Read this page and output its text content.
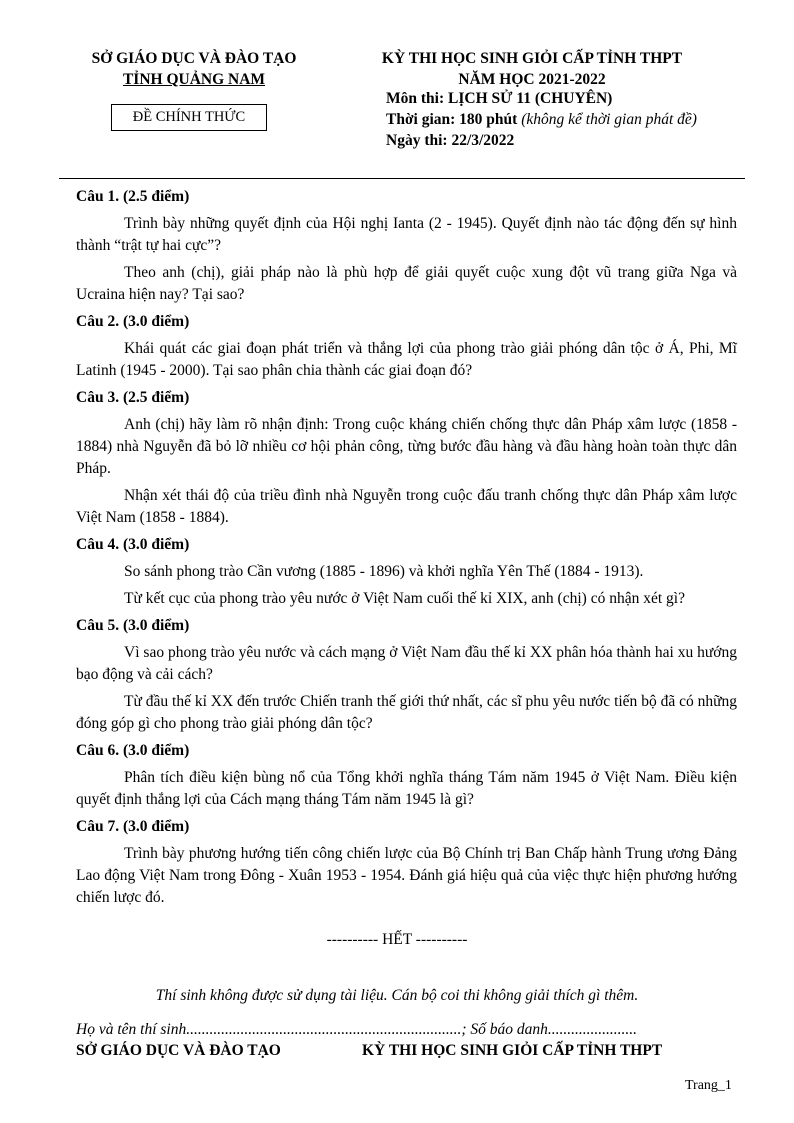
SỞ GIÁO DỤC VÀ ĐÀO TẠO
TỈNH QUẢNG NAM
ĐỀ CHÍNH THỨC
KỲ THI HỌC SINH GIỎI CẤP TỈNH THPT
NĂM HỌC 2021-2022
Môn thi: LỊCH SỬ 11 (CHUYÊN)
Thời gian: 180 phút (không kể thời gian phát đề)
Ngày thi: 22/3/2022
Câu 1. (2.5 điểm)

Trình bày những quyết định của Hội nghị Ianta (2 - 1945). Quyết định nào tác động đến sự hình thành “trật tự hai cực”?

Theo anh (chị), giải pháp nào là phù hợp để giải quyết cuộc xung đột vũ trang giữa Nga và Ucraina hiện nay? Tại sao?

Câu 2. (3.0 điểm)

Khái quát các giai đoạn phát triển và thắng lợi của phong trào giải phóng dân tộc ở Á, Phi, Mĩ Latinh (1945 - 2000). Tại sao phân chia thành các giai đoạn đó?

Câu 3. (2.5 điểm)

Anh (chị) hãy làm rõ nhận định: Trong cuộc kháng chiến chống thực dân Pháp xâm lược (1858 - 1884) nhà Nguyễn đã bỏ lỡ nhiều cơ hội phản công, từng bước đầu hàng và đầu hàng hoàn toàn thực dân Pháp.

Nhận xét thái độ của triều đình nhà Nguyễn trong cuộc đấu tranh chống thực dân Pháp xâm lược Việt Nam (1858 - 1884).

Câu 4. (3.0 điểm)

So sánh phong trào Cần vương (1885 - 1896) và khởi nghĩa Yên Thế (1884 - 1913).

Từ kết cục của phong trào yêu nước ở Việt Nam cuối thế kỉ XIX, anh (chị) có nhận xét gì?

Câu 5. (3.0 điểm)

Vì sao phong trào yêu nước và cách mạng ở Việt Nam đầu thế kỉ XX phân hóa thành hai xu hướng bạo động và cải cách?

Từ đầu thế kỉ XX đến trước Chiến tranh thế giới thứ nhất, các sĩ phu yêu nước tiến bộ đã có những đóng góp gì cho phong trào giải phóng dân tộc?

Câu 6. (3.0 điểm)

Phân tích điều kiện bùng nổ của Tổng khởi nghĩa tháng Tám năm 1945 ở Việt Nam. Điều kiện quyết định thắng lợi của Cách mạng tháng Tám năm 1945 là gì?

Câu 7. (3.0 điểm)

Trình bày phương hướng tiến công chiến lược của Bộ Chính trị Ban Chấp hành Trung ương Đảng Lao động Việt Nam trong Đông - Xuân 1953 - 1954. Đánh giá hiệu quả của việc thực hiện phương hướng chiến lược đó.

---------- HẾT ----------
Thí sinh không được sử dụng tài liệu. Cán bộ coi thi không giải thích gì thêm.
Họ và tên thí sinh.......................................................................; Số báo danh.......................
SỞ GIÁO DỤC VÀ ĐÀO TẠO	KỲ THI HỌC SINH GIỎI CẤP TỈNH THPT
Trang_1
